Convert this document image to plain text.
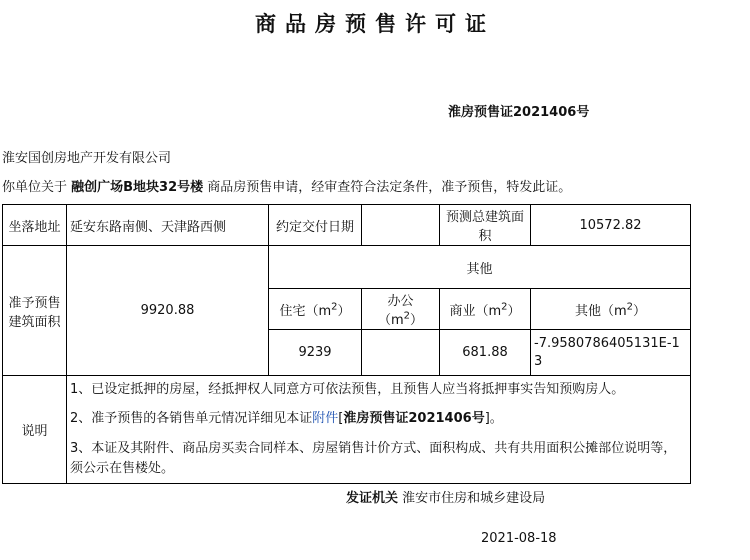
商品房预售许可证
淮房预售证2021406号
淮安国创房地产开发有限公司
你单位关于 融创广场B地块32号楼 商品房预售申请，经审查符合法定条件，准予预售，特发此证。
坐落地址	延安东路南侧、天津路西侧	约定交付日期		预测总建筑面积	10572.82
准予预售建筑面积	9920.88	其他			
		住宅$(m^2)$	办公$(m^2)$	商业$(m^2)$	其他$(m^2)$
		9239		681.88	-7.9580786405131E-13
说明	1、已设定抵押的房屋，经抵押权人同意方可依法预售，且预售人应当将抵押事实告知预购房人。

2、准予预售的各销售单元情况详细见本证附件[淮房预售证2021406号]。

3、本证及其附件、商品房买卖合同样本、房屋销售计价方式、面积构成、共有共用面积公摊部位说明等，须公示在售楼处。				

发证机关 淮安市住房和城乡建设局
2021-08-18
